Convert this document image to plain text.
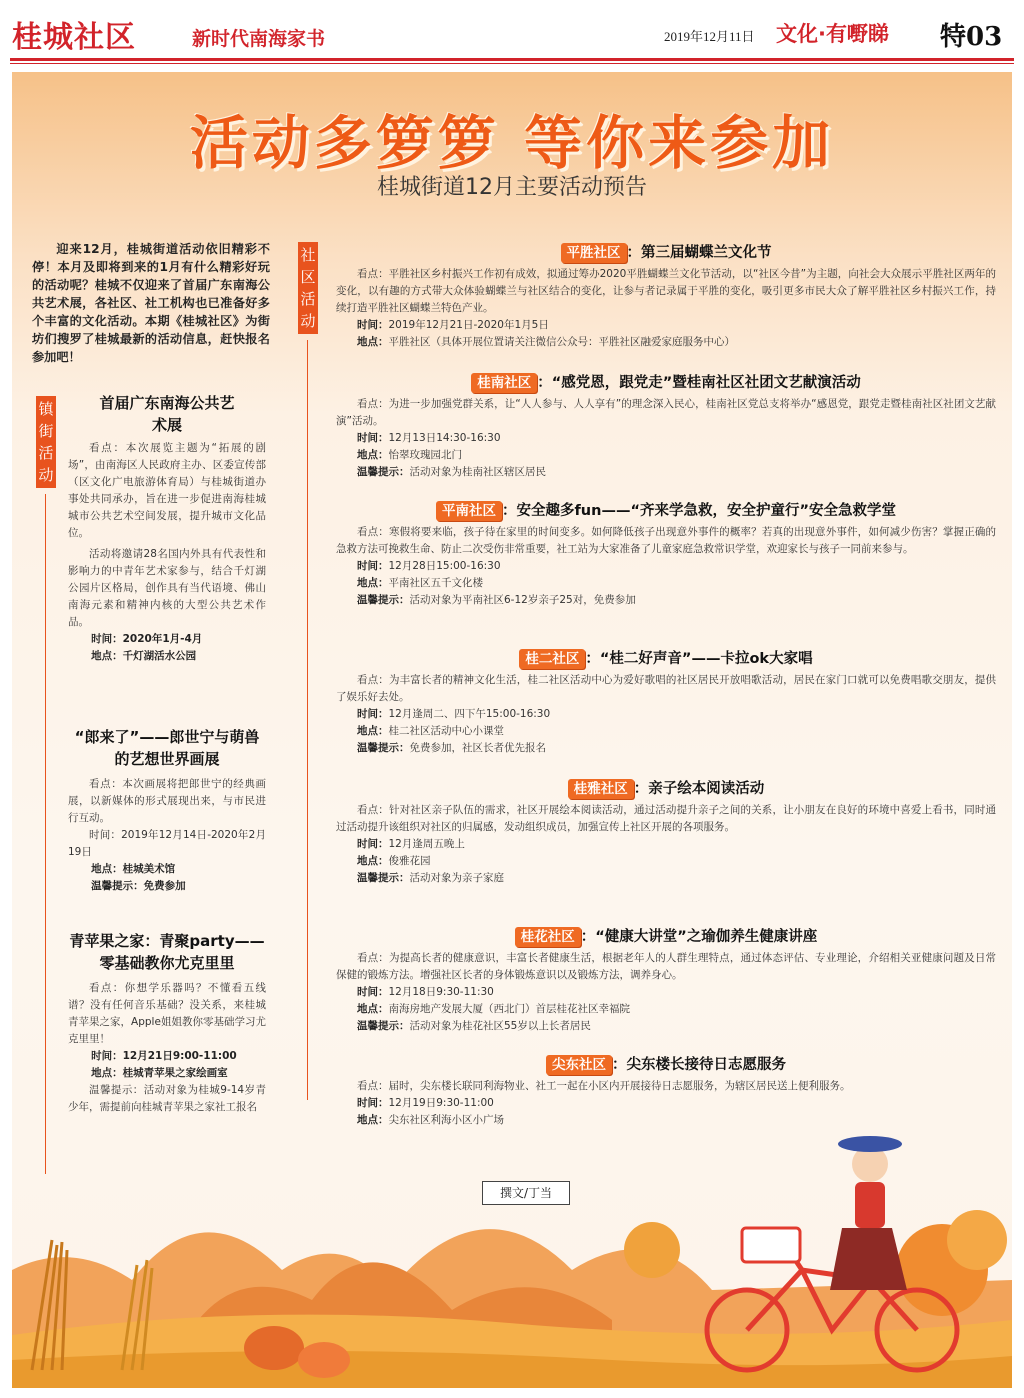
桂城社区	新时代南海家书	2019年12月11日 文化·有嘢睇 特03
活动多箩箩 等你来参加
桂城街道12月主要活动预告
迎来12月，桂城街道活动依旧精彩不停！本月及即将到来的1月有什么精彩好玩的活动呢？桂城不仅迎来了首届广东南海公共艺术展，各社区、社工机构也已准备好多个丰富的文化活动。本期《桂城社区》为街坊们搜罗了桂城最新的活动信息，赶快报名参加吧！
镇街活动
社区活动
首届广东南海公共艺术展

看点：本次展览主题为“拓展的剧场”，由南海区人民政府主办、区委宣传部（区文化广电旅游体育局）与桂城街道办事处共同承办，旨在进一步促进南海桂城城市公共艺术空间发展，提升城市文化品位。

活动将邀请28名国内外具有代表性和影响力的中青年艺术家参与，结合千灯湖公园片区格局，创作具有当代语境、佛山南海元素和精神内核的大型公共艺术作品。

时间：2020年1月-4月
地点：千灯湖活水公园
“郎来了”——郎世宁与萌兽的艺想世界画展

看点：本次画展将把郎世宁的经典画展，以新媒体的形式展现出来，与市民进行互动。

时间：2019年12月14日-2020年2月19日

地点：桂城美术馆
温馨提示：免费参加
青苹果之家：青聚party——零基础教你尤克里里

看点：你想学乐器吗？不懂看五线谱？没有任何音乐基础？没关系，来桂城青苹果之家，Apple姐姐教你零基础学习尤克里里！

时间：12月21日9:00-11:00
地点：桂城青苹果之家绘画室

温馨提示：活动对象为桂城9-14岁青少年，需提前向桂城青苹果之家社工报名

平胜社区 ：第三届蝴蝶兰文化节

看点：平胜社区乡村振兴工作初有成效，拟通过筹办2020平胜蝴蝶兰文化节活动，以“社区今昔”为主题，向社会大众展示平胜社区两年的变化，以有趣的方式带大众体验蝴蝶兰与社区结合的变化，让参与者记录属于平胜的变化，吸引更多市民大众了解平胜社区乡村振兴工作，持续打造平胜社区蝴蝶兰特色产业。

时间：2019年12月21日-2020年1月5日
地点：平胜社区（具体开展位置请关注微信公众号：平胜社区融爱家庭服务中心）
桂南社区 ：“感党恩，跟党走”暨桂南社区社团文艺献演活动

看点：为进一步加强党群关系，让“人人参与、人人享有”的理念深入民心，桂南社区党总支将举办“感恩党，跟党走暨桂南社区社团文艺献演”活动。

时间：12月13日14:30-16:30
地点：怡翠玫瑰园北门
温馨提示：活动对象为桂南社区辖区居民
平南社区 ：安全趣多fun——“齐来学急救，安全护童行”安全急救学堂

看点：寒假将要来临，孩子待在家里的时间变多。如何降低孩子出现意外事件的概率？若真的出现意外事件，如何减少伤害？掌握正确的急救方法可挽救生命、防止二次受伤非常重要，社工站为大家准备了儿童家庭急救常识学堂，欢迎家长与孩子一同前来参与。

时间：12月28日15:00-16:30
地点：平南社区五千文化楼
温馨提示：活动对象为平南社区6-12岁亲子25对，免费参加
桂二社区 ：“桂二好声音”——卡拉ok大家唱

看点：为丰富长者的精神文化生活，桂二社区活动中心为爱好歌唱的社区居民开放唱歌活动，居民在家门口就可以免费唱歌交朋友，提供了娱乐好去处。

时间：12月逢周二、四下午15:00-16:30
地点：桂二社区活动中心小课堂
温馨提示：免费参加，社区长者优先报名
桂雅社区 ：亲子绘本阅读活动

看点：针对社区亲子队伍的需求，社区开展绘本阅读活动，通过活动提升亲子之间的关系，让小朋友在良好的环境中喜爱上看书，同时通过活动提升该组织对社区的归属感，发动组织成员，加强宣传上社区开展的各项服务。

时间：12月逢周五晚上
地点：俊雅花园
温馨提示：活动对象为亲子家庭
桂花社区 ：“健康大讲堂”之瑜伽养生健康讲座

看点：为提高长者的健康意识，丰富长者健康生活，根据老年人的人群生理特点，通过体态评估、专业理论，介绍相关亚健康问题及日常保健的锻炼方法。增强社区长者的身体锻炼意识以及锻炼方法，调养身心。

时间：12月18日9:30-11:30
地点：南海房地产发展大厦（西北门）首层桂花社区幸福院
温馨提示：活动对象为桂花社区55岁以上长者居民
尖东社区 ：尖东楼长接待日志愿服务

看点：届时，尖东楼长联同利海物业、社工一起在小区内开展接待日志愿服务，为辖区居民送上便利服务。

时间：12月19日9:30-11:00
地点：尖东社区利海小区小广场
撰文/丁当
